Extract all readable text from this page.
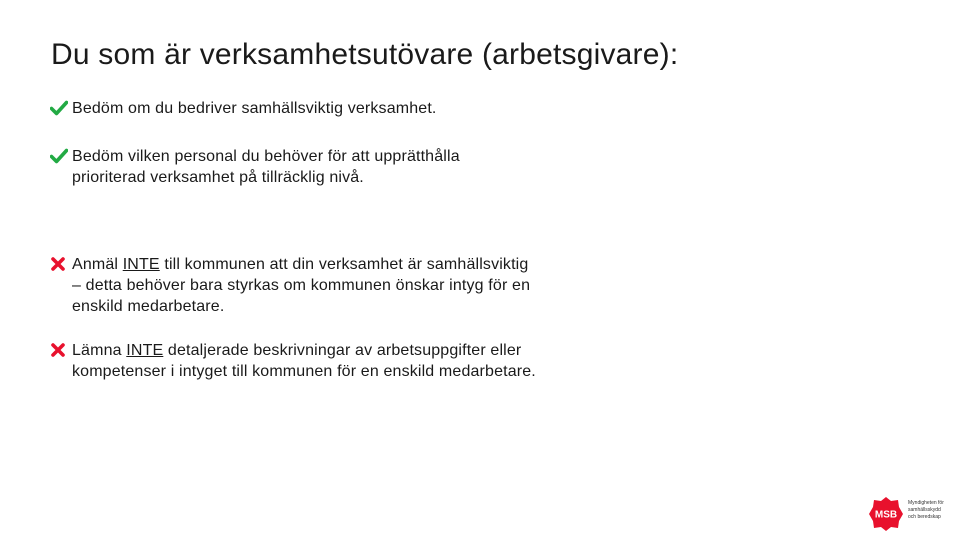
Du som är verksamhetsutövare (arbetsgivare):
Bedöm om du bedriver samhällsviktig verksamhet.
Bedöm vilken personal du behöver för att upprätthålla
prioriterad verksamhet på tillräcklig nivå.
Anmäl INTE till kommunen att din verksamhet är samhällsviktig
– detta behöver bara styrkas om kommunen önskar intyg för en
enskild medarbetare.
Lämna INTE detaljerade beskrivningar av arbetsuppgifter eller
kompetenser i intyget till kommunen för en enskild medarbetare.
MSB
Myndigheten för
samhällsskydd
och beredskap
